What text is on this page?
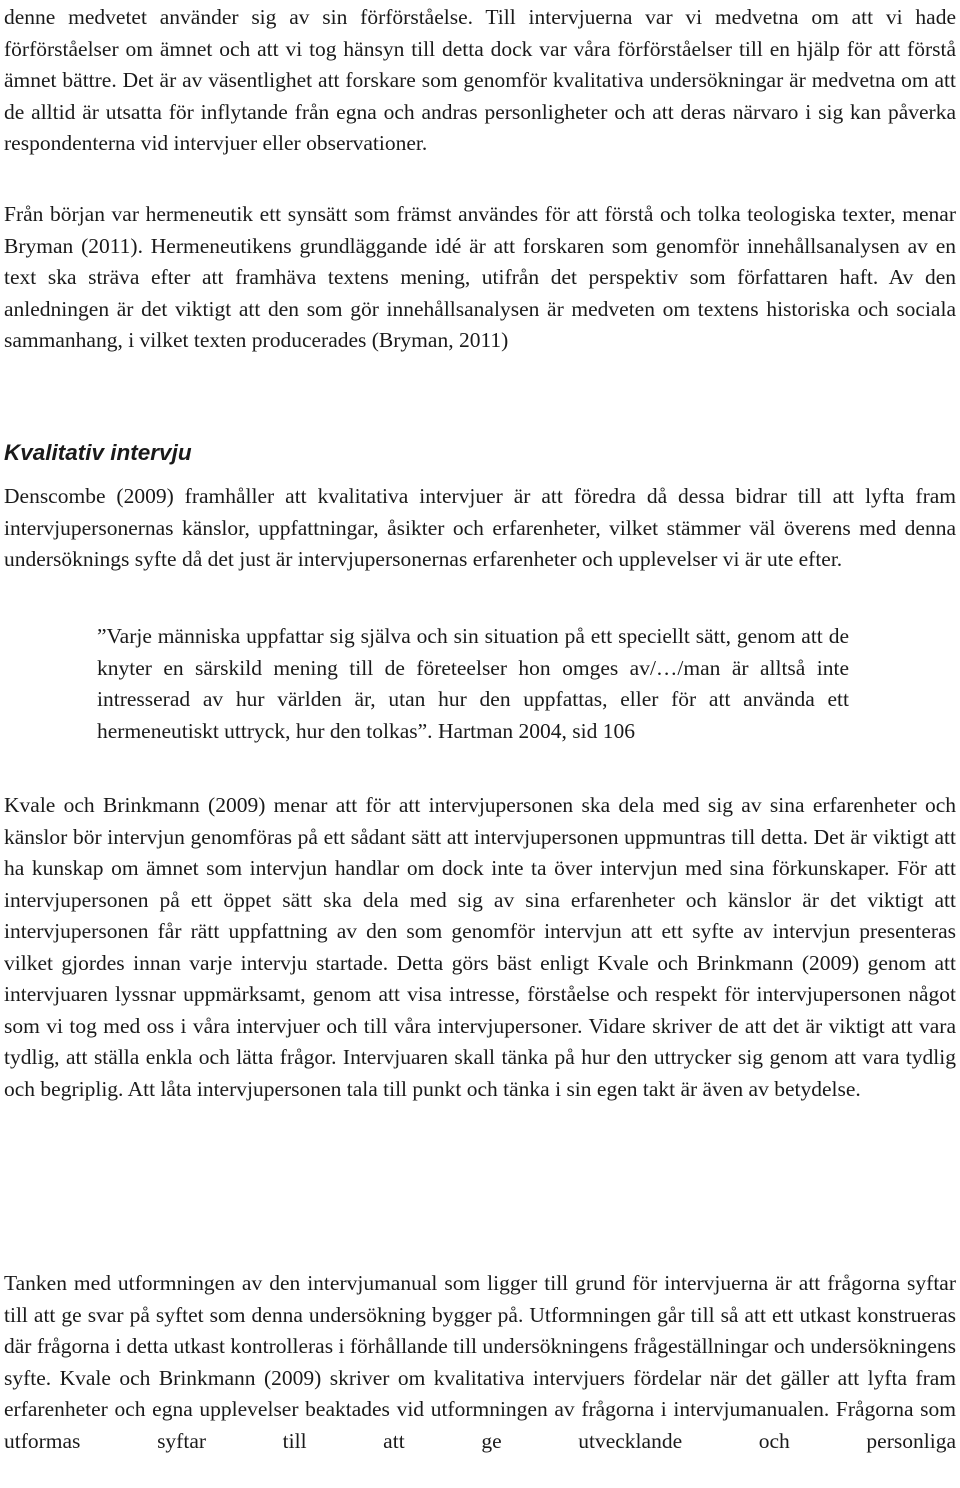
denne medvetet använder sig av sin förförståelse. Till intervjuerna var vi medvetna om att vi hade förförståelser om ämnet och att vi tog hänsyn till detta dock var våra förförståelser till en hjälp för att förstå ämnet bättre. Det är av väsentlighet att forskare som genomför kvalitativa undersökningar är medvetna om att de alltid är utsatta för inflytande från egna och andras personligheter och att deras närvaro i sig kan påverka respondenterna vid intervjuer eller observationer.

Från början var hermeneutik ett synsätt som främst användes för att förstå och tolka teologiska texter, menar Bryman (2011). Hermeneutikens grundläggande idé är att forskaren som genomför innehållsanalysen av en text ska sträva efter att framhäva textens mening, utifrån det perspektiv som författaren haft. Av den anledningen är det viktigt att den som gör innehållsanalysen är medveten om textens historiska och sociala sammanhang, i vilket texten producerades (Bryman, 2011)

Kvalitativ intervju

Denscombe (2009) framhåller att kvalitativa intervjuer är att föredra då dessa bidrar till att lyfta fram intervjupersonernas känslor, uppfattningar, åsikter och erfarenheter, vilket stämmer väl överens med denna undersöknings syfte då det just är intervjupersonernas erfarenheter och upplevelser vi är ute efter.

”Varje människa uppfattar sig själva och sin situation på ett speciellt sätt, genom att de knyter en särskild mening till de företeelser hon omges av/…/man är alltså inte intresserad av hur världen är, utan hur den uppfattas, eller för att använda ett hermeneutiskt uttryck, hur den tolkas”. Hartman 2004, sid 106

Kvale och Brinkmann (2009) menar att för att intervjupersonen ska dela med sig av sina erfarenheter och känslor bör intervjun genomföras på ett sådant sätt att intervjupersonen uppmuntras till detta. Det är viktigt att ha kunskap om ämnet som intervjun handlar om dock inte ta över intervjun med sina förkunskaper. För att intervjupersonen på ett öppet sätt ska dela med sig av sina erfarenheter och känslor är det viktigt att intervjupersonen får rätt uppfattning av den som genomför intervjun att ett syfte av intervjun presenteras vilket gjordes innan varje intervju startade. Detta görs bäst enligt Kvale och Brinkmann (2009) genom att intervjuaren lyssnar uppmärksamt, genom att visa intresse, förståelse och respekt för intervjupersonen något som vi tog med oss i våra intervjuer och till våra intervjupersoner. Vidare skriver de att det är viktigt att vara tydlig, att ställa enkla och lätta frågor. Intervjuaren skall tänka på hur den uttrycker sig genom att vara tydlig och begriplig. Att låta intervjupersonen tala till punkt och tänka i sin egen takt är även av betydelse.

Tanken med utformningen av den intervjumanual som ligger till grund för intervjuerna är att frågorna syftar till att ge svar på syftet som denna undersökning bygger på. Utformningen går till så att ett utkast konstrueras där frågorna i detta utkast kontrolleras i förhållande till undersökningens frågeställningar och undersökningens syfte. Kvale och Brinkmann (2009) skriver om kvalitativa intervjuers fördelar när det gäller att lyfta fram erfarenheter och egna upplevelser beaktades vid utformningen av frågorna i intervjumanualen. Frågorna som utformas syftar till att ge utvecklande och personliga
